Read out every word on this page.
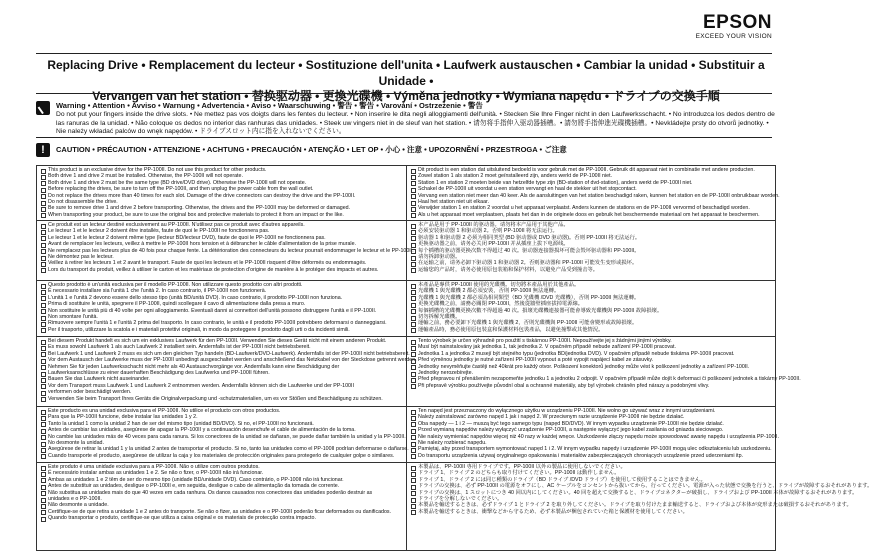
EPSON
EXCEED YOUR VISION
Replacing Drive • Remplacement du lecteur • Sostituzione dell'unita • Laufwerk austauschen • Cambiar la unidad • Substituir a Unidade •
Vervangen van het station • 替换驱动器 • 更換光碟機 • Výměna jednotky • Wymiana napędu • ドライブの交換手順
Warning • Attention • Avviso • Warnung • Advertencia • Aviso • Waarschuwing • 警告 • 警告 • Varování • Ostrzeżenie • 警告
Do not put your fingers inside the drive slots. • Ne mettez pas vos doigts dans les fentes du lecteur. • Non inserire le dita negli alloggiamenti dell'unità. • Stecken Sie Ihre Finger nicht in den Laufwerksschacht. • No introduzca los dedos dentro de las ranuras de la unidad. • Não coloque os dedos no interior das ranhuras das unidades. • Steek uw vingers niet in de sleuf van het station. • 请勿将手指伸入驱动器插槽。• 請勿將手指伸進光碟機插槽。• Nevkládejte prsty do otvorů jednotky. • Nie należy wkładać palców do wnęk napędów. • ドライブスロット内に指を入れないでください。
!
CAUTION • PRÉCAUTION • ATTENZIONE • ACHTUNG • PRECAUCIÓN • ATENÇÃO • LET OP • 小心 • 注意 • UPOZORNĚNÍ • PRZESTROGA • ご注意
This product is an exclusive drive for the PP-100II. Do not use this product for other products.
Both drive 1 and drive 2 must be installed. Otherwise, the PP-100II will not operate.
Both drive 1 and drive 2 must be the same type (BD drive/DVD drive). Otherwise the PP-100II will not operate.
Before replacing the drives, be sure to turn off the PP-100II, and then unplug the power cable from the wall outlet.
Do not replace the drives more than 40 times for each slot. Damage of the drive connectors can destroy the drive and the PP-100II.
Do not disassemble the drive.
Be sure to remove drive 1 and drive 2 before transporting. Otherwise, the drives and the PP-100II may be deformed or damaged.
When transporting your product, be sure to use the original box and protective materials to protect it from an impact or the like.
Dit product is een station dat uitsluitend bedoeld is voor gebruik met de PP-100II. Gebruik dit apparaat niet in combinatie met andere producten.
Zowel station 1 als station 2 moet geïnstalleerd zijn, anders werkt de PP-100II niet.
Station 1 en station 2 moeten beide van hetzelfde type zijn (BD-station of dvd-station), anders werkt de PP-100II niet.
Schakel de PP-100II uit voordat u een station vervangt en haal de stekker uit het stopcontact.
Vervang een station niet meer dan 40 keer. Als de aansluitingen van het station beschadigd raken, kunnen het station en de PP-100II onbruikbaar worden.
Haal het station niet uit elkaar.
Verwijder station 1 en station 2 voordat u het apparaat verplaatst. Anders kunnen de stations en de PP-100II vervormd of beschadigd worden.
Als u het apparaat moet verplaatsen, plaats het dan in de originele doos en gebruik het beschermende materiaal om het apparaat te beschermen.
Ce produit est un lecteur destiné exclusivement au PP-100II. N'utilisez pas ce produit avec d'autres appareils.
Le lecteur 1 et le lecteur 2 doivent être installés, faute de quoi le PP-100II ne fonctionnera pas.
Le lecteur 1 et le lecteur 2 doivent même type (lecteur BD/lecteur DVD), faute de quoi le PP-100II ne fonctionnera pas.
Avant de remplacer les lecteurs, veillez à mettre le PP-100II hors tension et à débrancher le câble d'alimentation de la prise murale.
Ne remplacez pas les lecteurs plus de 40 fois pour chaque fente. La détérioration des connecteurs du lecteur pourrait endommager le lecteur et le PP-100II.
Ne démontez pas le lecteur.
Veillez à retirer les lecteurs 1 et 2 avant le transport. Faute de quoi les lecteurs et le PP-100II risquent d'être déformés ou endommagés.
Lors du transport du produit, veillez à utiliser le carton et les matériaux de protection d'origine de manière à le protéger des impacts et autres.
本产品是用于 PP-100II 的驱动器。请勿将本产品用于其他产品。
必须安装驱动器 1 和驱动器 2。否则 PP-100II 将无法运行。
驱动器 1 和驱动器 2 必须为相同类型 (BD 驱动器或 DVD 驱动器)。否则 PP-100II 将无法运行。
更换驱动器之前，请务必关闭 PP-100II 并从插座上拔下电源线。
每个插槽的驱动器更换次数不得超过 40 次。驱动器连接器损坏可能会毁坏驱动器和 PP-100II。
请勿拆卸驱动器。
在运输之前，请务必卸下驱动器 1 和驱动器 2。否则驱动器和 PP-100II 可能发生变形或损坏。
运输您的产品时，请务必使用原包装箱和保护材料，以避免产品受到撞击等。
Questo prodotto è un'unità esclusiva per il modello PP-100II. Non utilizzare questo prodotto con altri prodotti.
È necessario installare sia l'unità 1 che l'unità 2. In caso contrario, il PP-100II non funzionerà.
L'unità 1 e l'unità 2 devono essere dello stesso tipo (unità BD/unità DVD). In caso contrario, il prodotto PP-100II non funziona.
Prima di sostituire le unità, spegnere il PP-100II, quindi scollegare il cavo di alimentazione dalla presa a muro.
Non sostituire le unità più di 40 volte per ogni alloggiamento. Eventuali danni ai connettori dell'unità possono distruggere l'unità e il PP-100II.
Non smontare l'unità.
Rimuovere sempre l'unità 1 e l'unità 2 prima del trasporto. In caso contrario, le unità e il prodotto PP-100II potrebbero deformarsi o danneggiarsi.
Per il trasporto, utilizzare la scatola e i materiali protettivi originali, in modo da proteggere il prodotto dagli urti o da incidenti simili.
本產品是專供 PP-100II 使用的光碟機。切勿將本產品用於其他產品。
光碟機 1 與光碟機 2 都必須安裝，否則 PP-100II 無法運轉。
光碟機 1 與光碟機 2 都必須為相同類型（BD 光碟機 /DVD 光碟機），否則 PP-100II 無法運轉。
更換光碟機之前，請務必關閉 PP-100II，然後從牆壁插座拔掉電源線。
每個插槽的光碟機更換次數不得超過 40 次。損壞光碟機連接器可能會導致光碟機與 PP-100II 故障損壞。
切勿拆解光碟機。
運輸之前，務必要卸下光碟機 1 與光碟機 2，否則光碟機與 PP-100II 可能會變形或故障損壞。
運輸產品時，務必使用原包裝盒和保護材料包裝產品，以避免撞擊或其他情況。
Bei diesem Produkt handelt es sich um ein exklusives Laufwerk für den PP-100II. Verwenden Sie dieses Gerät nicht mit einem anderen Produkt.
Es muss sowohl Laufwerk 1 als auch Laufwerk 2 installiert sein. Andernfalls ist der PP-100II nicht betriebsbereit.
Bei Laufwerk 1 und Laufwerk 2 muss es sich um den gleichen Typ handeln (BD-Laufwerk/DVD-Laufwerk). Andernfalls ist der PP-100II nicht betriebsbereit.
Vor dem Austausch der Laufwerke muss der PP-100II unbedingt ausgeschaltet werden und anschließend das Netzkabel von der Steckdose getrennt werden.
Nehmen Sie für jeden Laufwerksschacht nicht mehr als 40 Austauschvorgänge vor. Andernfalls kann eine Beschädigung der
Laufwerksanschlüsse zu einer dauerhaften Beschädigung des Laufwerks und PP-100II führen.
Bauen Sie das Laufwerk nicht auseinander.
Vor dem Transport muss Laufwerk 1 und Laufwerk 2 entnommen werden. Andernfalls können sich die Laufwerke und der PP-100II
verformen oder beschädigt werden.
Verwenden Sie beim Transport Ihres Geräts die Originalverpackung und -schutzmaterialien, um es vor Stößen und Beschädigung zu schützen.
Tento výrobek je určen výhradně pro použití s tiskárnou PP-100II. Nepoužívejte jej s žádnými jinými výrobky.
Musí být nainstalovány jak jednotka 1, tak jednotka 2. V opačném případě nebude zařízení PP-100II pracovat.
Jednotka 1 a jednotka 2 musejí být stejného typu (jednotka BD/jednotka DVD). V opačném případě nebude tiskárna PP-100II pracovat.
Před výměnou jednotky je nutné zařízení PP-100II vypnout a poté vypojit napájecí kabel ze zásuvky.
Jednotky nevyměňujte častěji než 40krát pro každý otvor. Poškození konektorů jednotky může vést k poškození jednotky a zařízení PP-100II.
Jednotky nerozebírejte.
Před přepravou ní přenášením nezapomeňte jednotku 1 a jednotku 2 odpojit. V opačném případě může dojít k deformaci či poškození jednotek a tiskárny PP-100II.
Při přepravě výrobku používejte původní obal a ochranné materiály, aby byl výrobek chráněn před nárazy a podobnými vlivy.
Este producto es una unidad exclusiva para el PP-100II. No utilice el producto con otros productos.
Para que la PP-100II funcione, debe instalar las unidades 1 y 2.
Tanto la unidad 1 como la unidad 2 han de ser del mismo tipo (unidad BD/DVD). Si no, el PP-100II no funcionará.
Antes de cambiar las unidades, asegúrese de apagar la PP-100II y a continuación desenchufe el cable de alimentación de la toma.
No cambie las unidades más de 40 veces para cada ranura. Si los conectores de la unidad se dañaran, se puede dañar también la unidad y la PP-100II.
No desmonte la unidad.
Asegúrese de retirar la unidad 1 y la unidad 2 antes de transportar el producto. Si no, tanto las unidades como el PP-100II podrían deformarse o dañarse.
Cuando transporte el producto, asegúrese de utilizar la caja y los materiales de protección originales para protegerlo de cualquier golpe o similares.
Ten napęd jest przeznaczony do wyłącznego użytku w urządzeniu PP-100II. Nie wolno go używać wraz z innymi urządzeniami.
Należy zainstalować zarówno napęd 1 jak i napęd 2. W przeciwnym razie urządzenie PP-100II nie będzie działać.
Oba napędy — 1 i 2 — muszą być tego samego typu (napęd BD/DVD). W innym wypadku urządzenie PP-100II nie będzie działać.
Przed wymianą napędów należy wyłączyć urządzenie PP-100II, a następnie wyłączyć jego kabel zasilania od gniazda sieciowego.
Nie należy wymieniać napędów więcej niż 40 razy w każdej wnęce. Uszkodzenie złączy napędu może spowodować awarię napędu i urządzenia PP-100II.
Nie należy rozbierać napędu.
Pamiętaj, aby przed transportem wymontować napęd 1 i 2. W innym wypadku napędy i urządzenie PP-100II mogą ulec odkształceniu lub uszkodzeniu.
Do transportu urządzenia używaj oryginalnego opakowania i materiałów zabezpieczających chroniących urządzenie przed uderzeniami itp.
Este produto é uma unidade exclusiva para a PP-100II. Não o utilize com outros produtos.
É necessário instalar ambas as unidades 1 e 2. Se não o fizer, o PP-100II não irá funcionar.
Ambas as unidades 1 e 2 têm de ser do mesmo tipo (unidade BD/unidade DVD). Caso contrário, o PP-100II não irá funcionar.
Antes de substituir as unidades, desligue o PP-100II e, em seguida, desligue o cabo de alimentação da tomada de corrente.
Não substitua as unidades mais do que 40 vezes em cada ranhura. Os danos causados nos conectores das unidades poderão destruir as
unidades e o PP-100II.
Não desmonte a unidade.
Certifique-se de que retira a unidade 1 e 2 antes do transporte. Se não o fizer, as unidades e o PP-100II poderão ficar deformados ou danificados.
Quando transportar o produto, certifique-se que utiliza a caixa original e os materiais de protecção contra impacto.
本製品は、PP-100II 専用ドライブです。PP-100II 以外の製品に使用しないでください。
ドライブ 1、ドライブ 2 のどちらも取り付けてください。PP-100II は動作しません。
ドライブ 1、ドライブ 2 には同じ種類のドライブ（BD ドライブ /DVD ドライブ）を使用して使用することはできません。
ドライブの交換は、必ず PP-100II の電源をオフにし、AC ケーブルをコンセントから抜いてから、行ってください。電源が入った状態で交換を行うと、ドライブが故障するおそれがあります。
ドライブの交換は、1 スロットにつき 40 回以内にしてください。40 回を超えて交換すると、ドライブコネクターが破損し、ドライブおよび PP-100II 本体が故障するおそれがあります。
ドライブを分解しないでください。
本製品を輸送するときは、必ずドライブ 1 とドライブ 2 を取り外してください。ドライブを取り付けたまま輸送すると、ドライブおよび本体が変形または破損するおそれがあります。
本製品を輸送するときは、衝撃などから守るため、必ず本製品が梱包されていた箱と保護材を使用してください。
